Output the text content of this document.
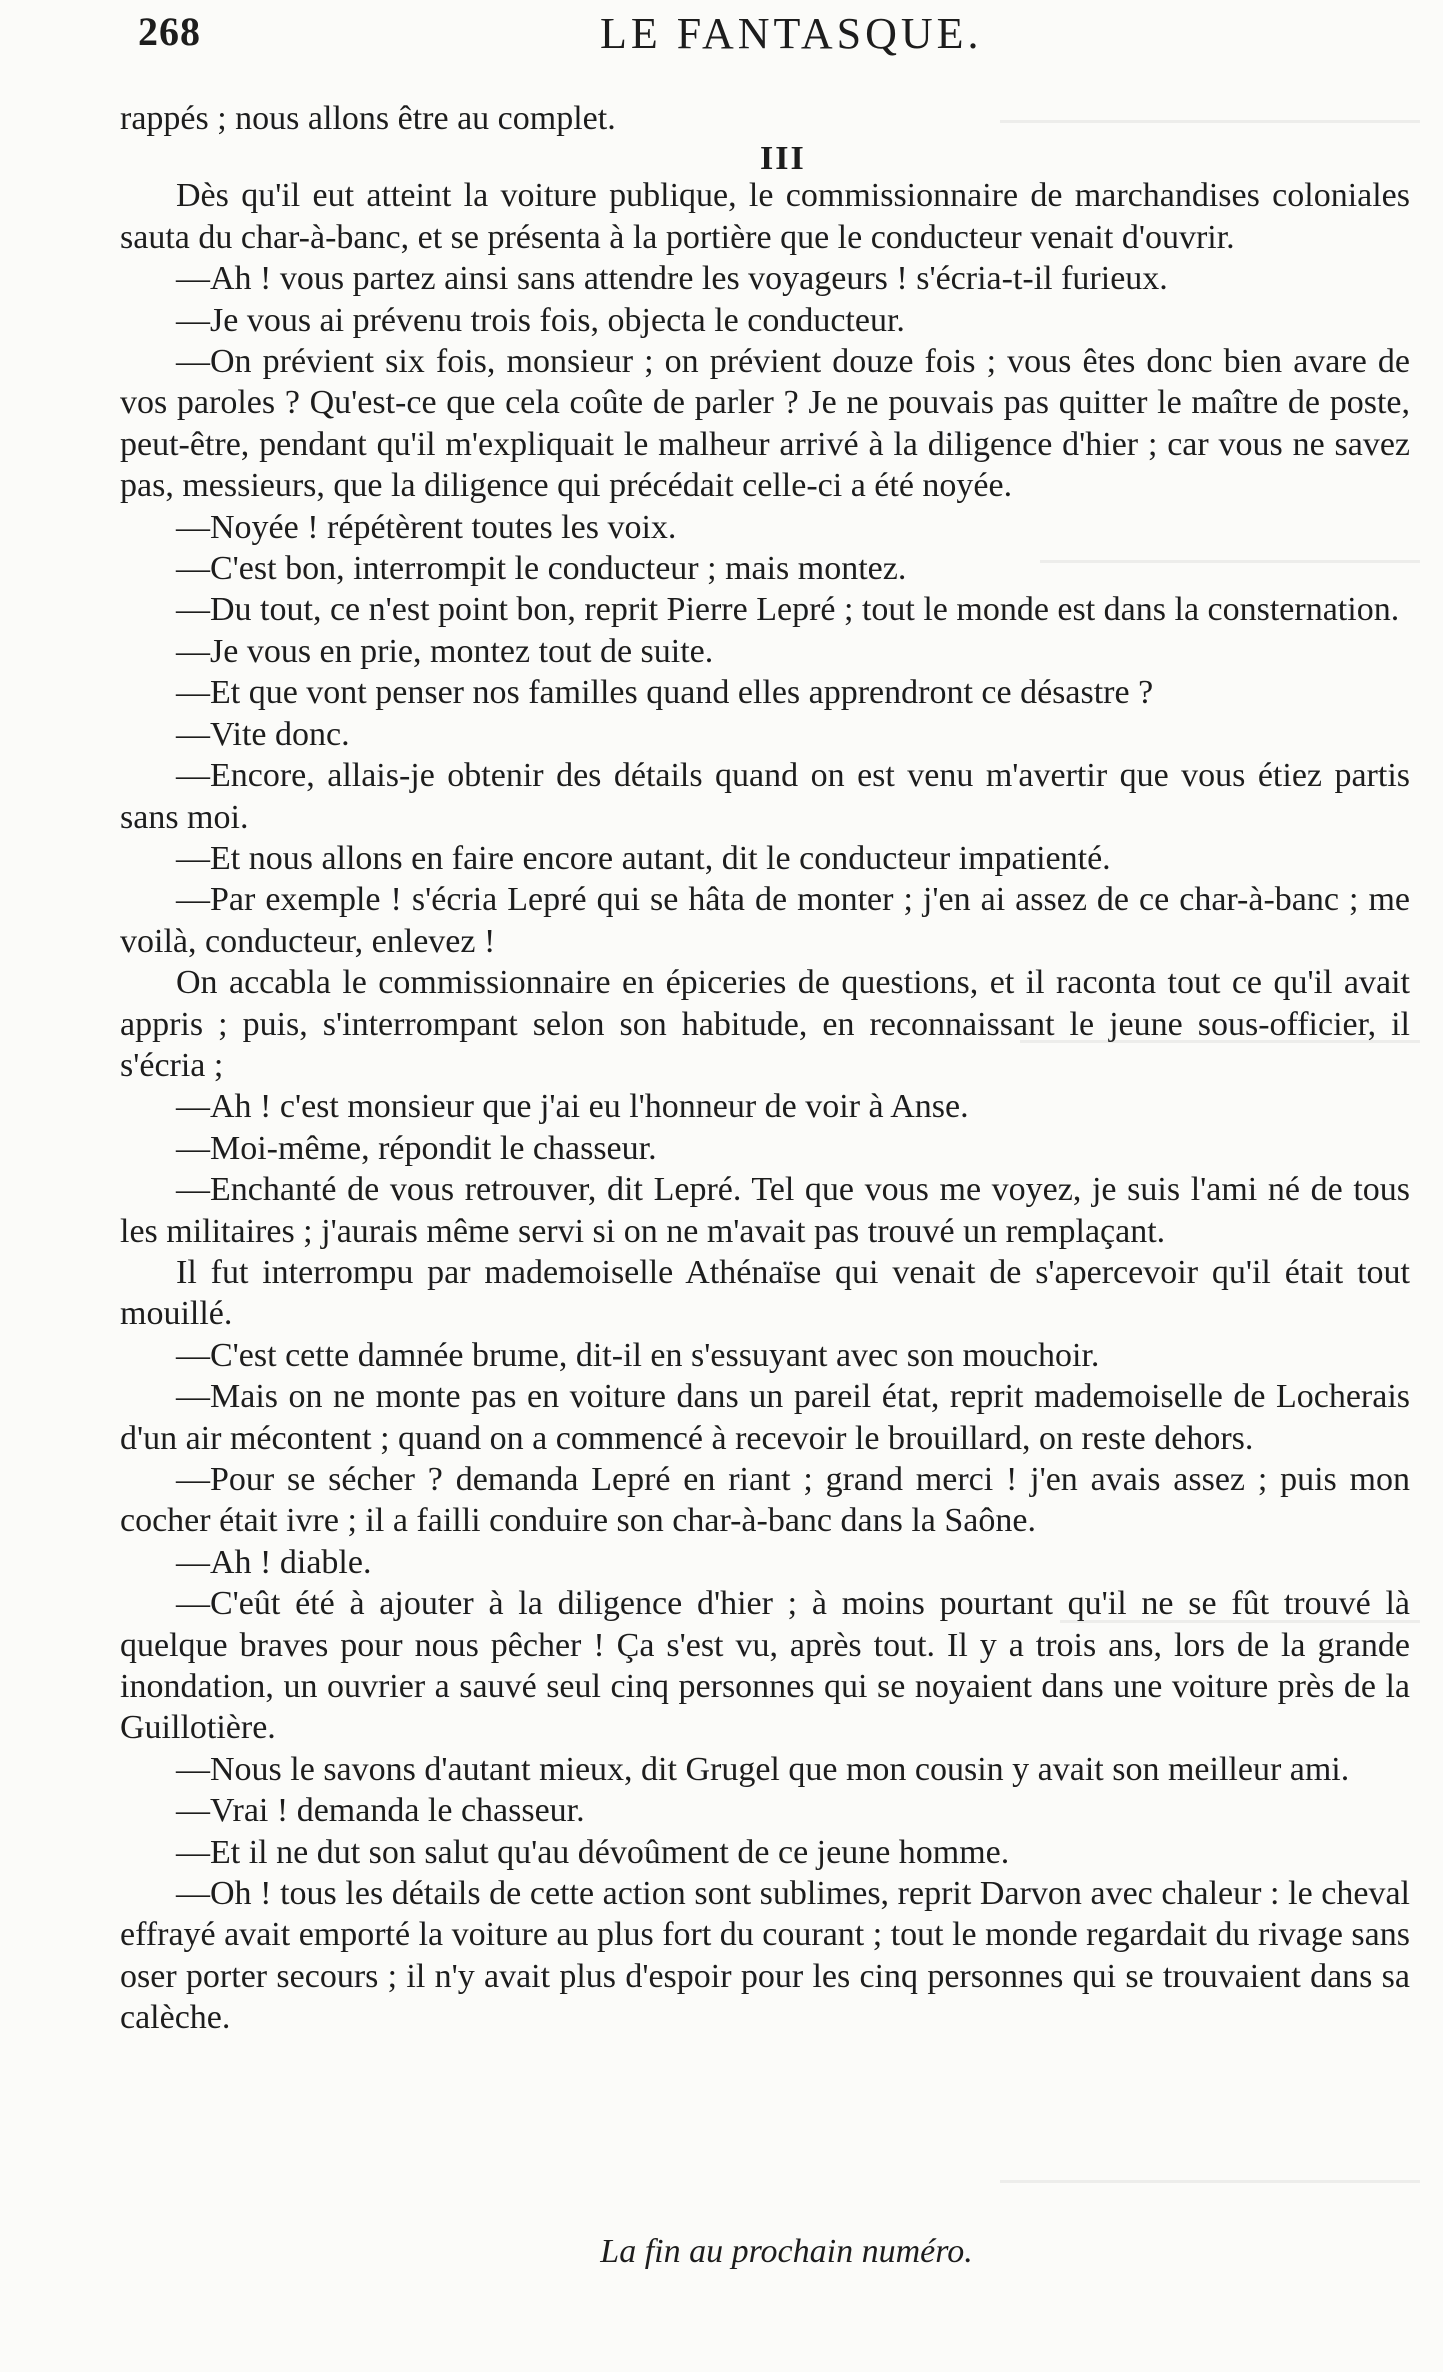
268	LE FANTASQUE.

rappés ; nous allons être au complet.

Dès qu'il eut atteint la voiture publique, le commissionnaire de marchandises coloniales sauta du char-à-banc, et se présenta à la portière que le conducteur venait d'ouvrir.

—Ah ! vous partez ainsi sans attendre les voyageurs ! s'écria-t-il furieux.

—Je vous ai prévenu trois fois, objecta le conducteur.

—On prévient six fois, monsieur ; on prévient douze fois ; vous êtes donc bien avare de vos paroles ? Qu'est-ce que cela coûte de parler ? Je ne pouvais pas quitter le maître de poste, peut-être, pendant qu'il m'expliquait le malheur arrivé à la diligence d'hier ; car vous ne savez pas, messieurs, que la diligence qui précédait celle-ci a été noyée.

—Noyée ! répétèrent toutes les voix.

—C'est bon, interrompit le conducteur ; mais montez.

—Du tout, ce n'est point bon, reprit Pierre Lepré ; tout le monde est dans la consternation.

—Je vous en prie, montez tout de suite.

—Et que vont penser nos familles quand elles apprendront ce désastre ?

—Vite donc.

—Encore, allais-je obtenir des détails quand on est venu m'avertir que vous étiez partis sans moi.

—Et nous allons en faire encore autant, dit le conducteur impatienté.

—Par exemple ! s'écria Lepré qui se hâta de monter ; j'en ai assez de ce char-à-banc ; me voilà, conducteur, enlevez !

On accabla le commissionnaire en épiceries de questions, et il raconta tout ce qu'il avait appris ; puis, s'interrompant selon son habitude, en reconnaissant le jeune sous-officier, il s'écria ;

—Ah ! c'est monsieur que j'ai eu l'honneur de voir à Anse.

—Moi-même, répondit le chasseur.

—Enchanté de vous retrouver, dit Lepré. Tel que vous me voyez, je suis l'ami né de tous les militaires ; j'aurais même servi si on ne m'avait pas trouvé un remplaçant.

Il fut interrompu par mademoiselle Athénaïse qui venait de s'apercevoir qu'il était tout mouillé.

—C'est cette damnée brume, dit-il en s'essuyant avec son mouchoir.

—Mais on ne monte pas en voiture dans un pareil état, reprit mademoiselle de Locherais d'un air mécontent ; quand on a commencé à recevoir le brouillard, on reste dehors.

—Pour se sécher ? demanda Lepré en riant ; grand merci ! j'en avais assez ; puis mon cocher était ivre ; il a failli conduire son char-à-banc dans la Saône.

—Ah ! diable.

—C'eût été à ajouter à la diligence d'hier ; à moins pourtant qu'il ne se fût trouvé là quelque braves pour nous pêcher ! Ça s'est vu, après tout. Il y a trois ans, lors de la grande inondation, un ouvrier a sauvé seul cinq personnes qui se noyaient dans une voiture près de la Guillotière.

—Nous le savons d'autant mieux, dit Grugel que mon cousin y avait son meilleur ami.

—Vrai ! demanda le chasseur.

—Et il ne dut son salut qu'au dévoûment de ce jeune homme.

—Oh ! tous les détails de cette action sont sublimes, reprit Darvon avec chaleur : le cheval effrayé avait emporté la voiture au plus fort du courant ; tout le monde regardait du rivage sans oser porter secours ; il n'y avait plus d'espoir pour les cinq personnes qui se trouvaient dans sa calèche.

III
La fin au prochain numéro.
